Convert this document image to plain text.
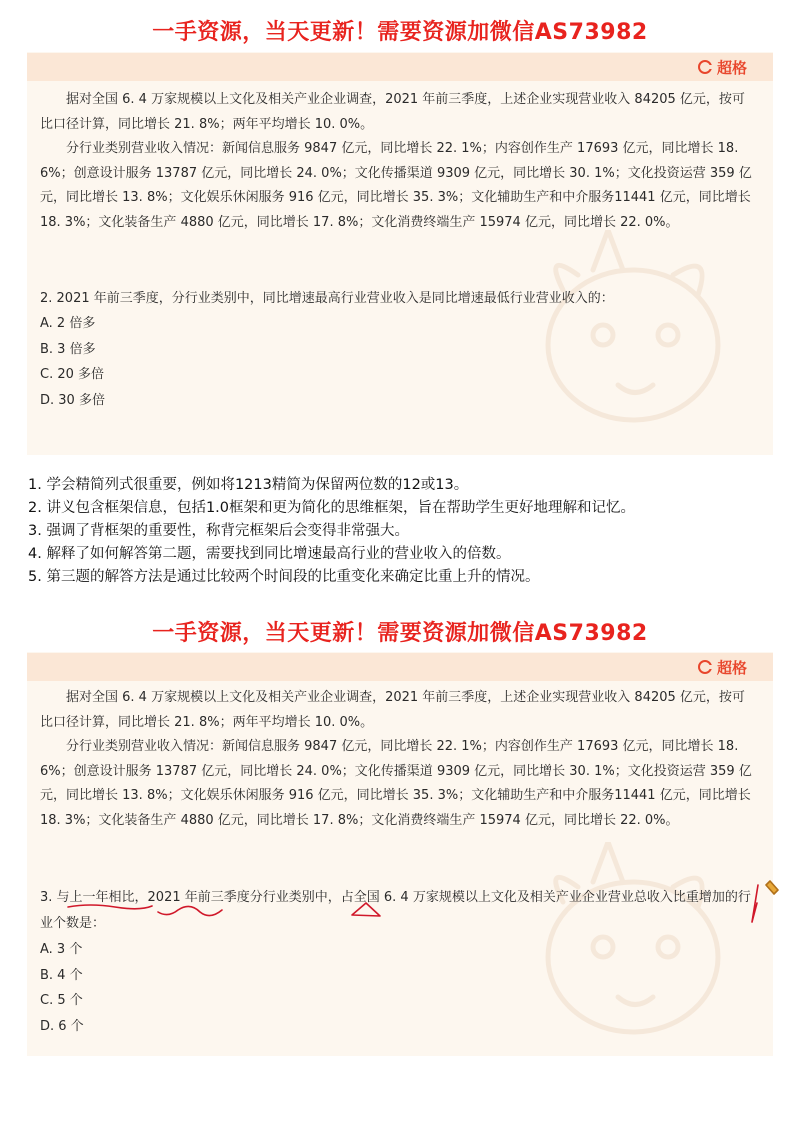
一手资源，当天更新！需要资源加微信AS73982
超格

据对全国 6. 4 万家规模以上文化及相关产业企业调查，2021 年前三季度，上述企业实现营业收入 84205 亿元，按可比口径计算，同比增长 21. 8%；两年平均增长 10. 0%。

分行业类别营业收入情况：新闻信息服务 9847 亿元，同比增长 22. 1%；内容创作生产 17693 亿元，同比增长 18. 6%；创意设计服务 13787 亿元，同比增长 24. 0%；文化传播渠道 9309 亿元，同比增长 30. 1%；文化投资运营 359 亿元，同比增长 13. 8%；文化娱乐休闲服务 916 亿元，同比增长 35. 3%；文化辅助生产和中介服务11441 亿元，同比增长 18. 3%；文化装备生产 4880 亿元，同比增长 17. 8%；文化消费终端生产 15974 亿元，同比增长 22. 0%。

2. 2021 年前三季度，分行业类别中，同比增速最高行业营业收入是同比增速最低行业营业收入的：
A. 2 倍多
B. 3 倍多
C. 20 多倍
D. 30 多倍
1. 学会精简列式很重要，例如将1213精简为保留两位数的12或13。
2. 讲义包含框架信息，包括1.0框架和更为简化的思维框架，旨在帮助学生更好地理解和记忆。
3. 强调了背框架的重要性，称背完框架后会变得非常强大。
4. 解释了如何解答第二题，需要找到同比增速最高行业的营业收入的倍数。
5. 第三题的解答方法是通过比较两个时间段的比重变化来确定比重上升的情况。
一手资源，当天更新！需要资源加微信AS73982
超格

据对全国 6. 4 万家规模以上文化及相关产业企业调查，2021 年前三季度，上述企业实现营业收入 84205 亿元，按可比口径计算，同比增长 21. 8%；两年平均增长 10. 0%。

分行业类别营业收入情况：新闻信息服务 9847 亿元，同比增长 22. 1%；内容创作生产 17693 亿元，同比增长 18. 6%；创意设计服务 13787 亿元，同比增长 24. 0%；文化传播渠道 9309 亿元，同比增长 30. 1%；文化投资运营 359 亿元，同比增长 13. 8%；文化娱乐休闲服务 916 亿元，同比增长 35. 3%；文化辅助生产和中介服务11441 亿元，同比增长 18. 3%；文化装备生产 4880 亿元，同比增长 17. 8%；文化消费终端生产 15974 亿元，同比增长 22. 0%。

3. 与上一年相比，2021 年前三季度分行业类别中，占全国 6. 4 万家规模以上文化及相关产业企业营业总收入比重增加的行业个数是：
A. 3 个
B. 4 个
C. 5 个
D. 6 个
